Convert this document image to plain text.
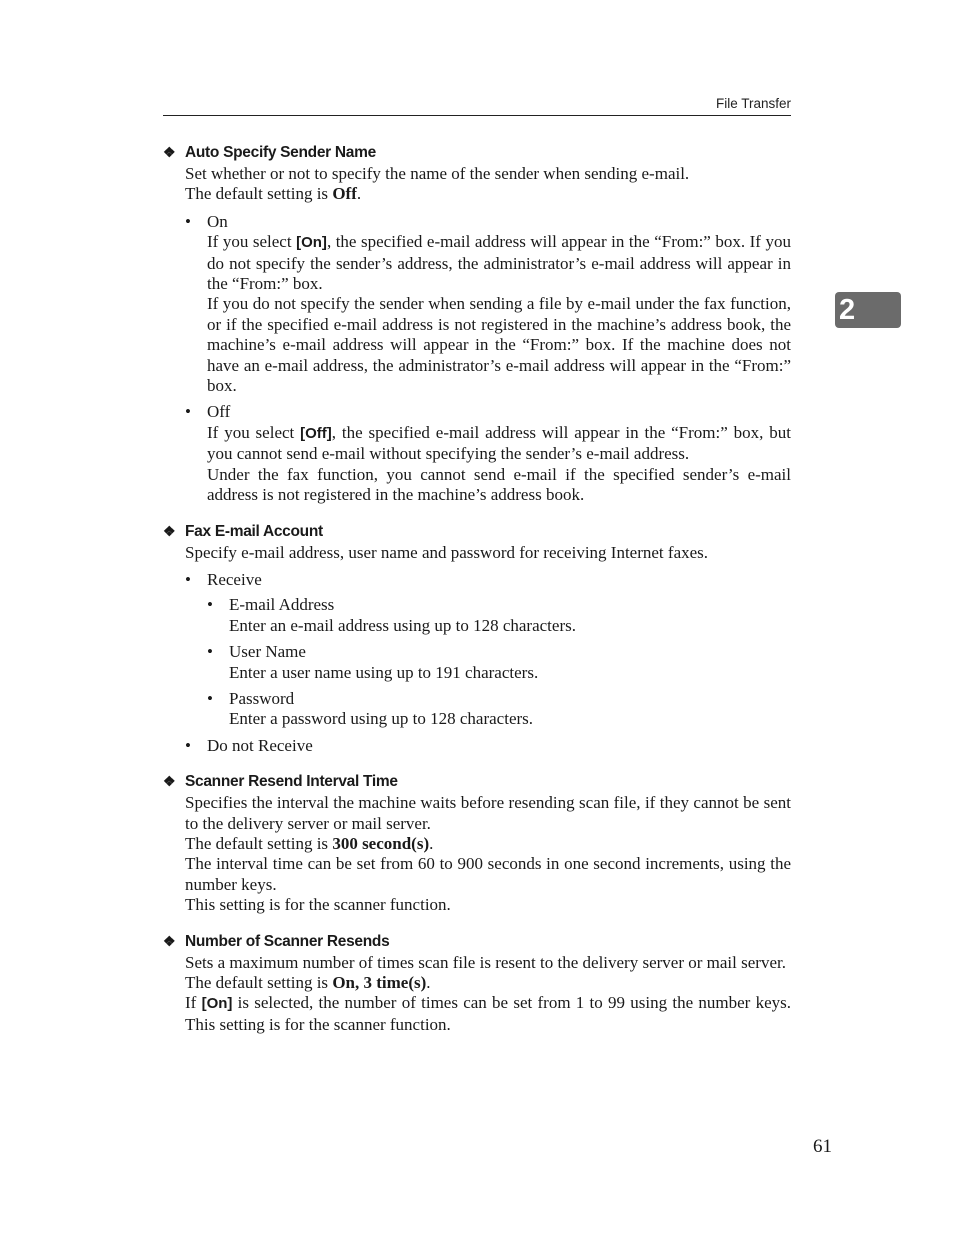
File Transfer
2
❖ Auto Specify Sender Name

Set whether or not to specify the name of the sender when sending e-mail.

The default setting is Off.

• On

If you select [On], the specified e-mail address will appear in the “From:” box. If you do not specify the sender’s address, the administrator’s e-mail address will appear in the “From:” box.

If you do not specify the sender when sending a file by e-mail under the fax function, or if the specified e-mail address is not registered in the machine’s address book, the machine’s e-mail address will appear in the “From:” box. If the machine does not have an e-mail address, the administrator’s e-mail address will appear in the “From:” box.

• Off

If you select [Off], the specified e-mail address will appear in the “From:” box, but you cannot send e-mail without specifying the sender’s e-mail address.

Under the fax function, you cannot send e-mail if the specified sender’s e-mail address is not registered in the machine’s address book.

❖ Fax E-mail Account

Specify e-mail address, user name and password for receiving Internet faxes.

• Receive

• E-mail Address

Enter an e-mail address using up to 128 characters.

• User Name

Enter a user name using up to 191 characters.

• Password

Enter a password using up to 128 characters.

• Do not Receive

❖ Scanner Resend Interval Time

Specifies the interval the machine waits before resending scan file, if they cannot be sent to the delivery server or mail server.

The default setting is 300 second(s).

The interval time can be set from 60 to 900 seconds in one second increments, using the number keys.

This setting is for the scanner function.

❖ Number of Scanner Resends

Sets a maximum number of times scan file is resent to the delivery server or mail server.

The default setting is On, 3 time(s).

If [On] is selected, the number of times can be set from 1 to 99 using the number keys. This setting is for the scanner function.

61
